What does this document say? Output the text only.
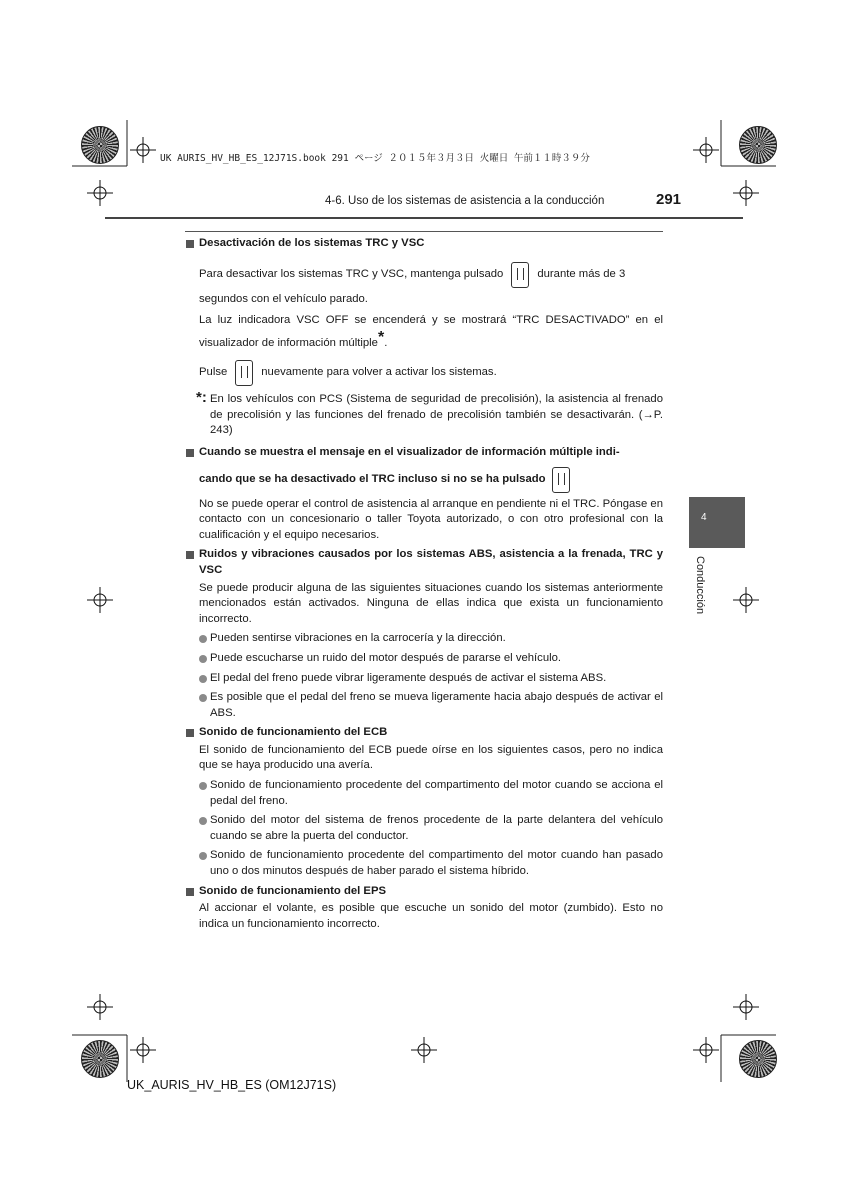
UK AURIS_HV_HB_ES_12J71S.book 291 ページ ２０１５年３月３日 火曜日 午前１１時３９分
4-6. Uso de los sistemas de asistencia a la conducción	291
4
Conducción
Desactivación de los sistemas TRC y VSC
Para desactivar los sistemas TRC y VSC, mantenga pulsado	durante más de 3
segundos con el vehículo parado.
La luz indicadora VSC OFF se encenderá y se mostrará “TRC DESACTIVADO” en el visualizador de información múltiple*.
Pulse	nuevamente para volver a activar los sistemas.
*: En los vehículos con PCS (Sistema de seguridad de precolisión), la asistencia al frenado de precolisión y las funciones del frenado de precolisión también se desactivarán. (→P. 243)
Cuando se muestra el mensaje en el visualizador de información múltiple indi-
cando que se ha desactivado el TRC incluso si no se ha pulsado
No se puede operar el control de asistencia al arranque en pendiente ni el TRC. Póngase en contacto con un concesionario o taller Toyota autorizado, o con otro profesional con la cualificación y el equipo necesarios.
Ruidos y vibraciones causados por los sistemas ABS, asistencia a la frenada, TRC y VSC
Se puede producir alguna de las siguientes situaciones cuando los sistemas anteriormente mencionados están activados. Ninguna de ellas indica que exista un funcionamiento incorrecto.
Pueden sentirse vibraciones en la carrocería y la dirección.
Puede escucharse un ruido del motor después de pararse el vehículo.
El pedal del freno puede vibrar ligeramente después de activar el sistema ABS.
Es posible que el pedal del freno se mueva ligeramente hacia abajo después de activar el ABS.
Sonido de funcionamiento del ECB
El sonido de funcionamiento del ECB puede oírse en los siguientes casos, pero no indica que se haya producido una avería.
Sonido de funcionamiento procedente del compartimento del motor cuando se acciona el pedal del freno.
Sonido del motor del sistema de frenos procedente de la parte delantera del vehículo cuando se abre la puerta del conductor.
Sonido de funcionamiento procedente del compartimento del motor cuando han pasado uno o dos minutos después de haber parado el sistema híbrido.
Sonido de funcionamiento del EPS
Al accionar el volante, es posible que escuche un sonido del motor (zumbido). Esto no indica un funcionamiento incorrecto.
UK_AURIS_HV_HB_ES (OM12J71S)
